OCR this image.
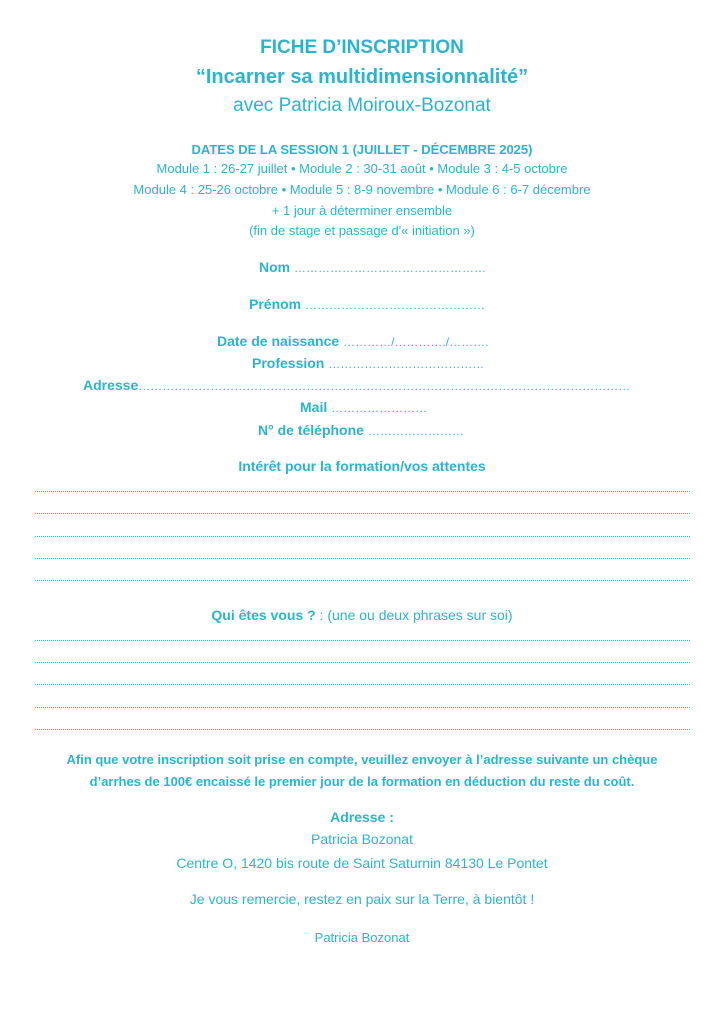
FICHE D’INSCRIPTION
“Incarner sa multidimensionnalité”
avec Patricia Moiroux-Bozonat
DATES DE LA SESSION 1 (JUILLET - DÉCEMBRE 2025)
Module 1 : 26-27 juillet • Module 2 : 30-31 août • Module 3 : 4-5 octobre
Module 4 : 25-26 octobre • Module 5 : 8-9 novembre • Module 6 : 6-7 décembre
+ 1 jour à déterminer ensemble
(fin de stage et passage d'« initiation »)
Nom …………………………………………
Prénom ………………………………………
Date de naissance …………/…………./……….
Profession …………………………………
Adresse……………………………………………………………………………………………………………
Mail ……………………
N° de téléphone ……………………
Intérêt pour la formation/vos attentes
Qui êtes vous ? : (une ou deux phrases sur soi)
Afin que votre inscription soit prise en compte, veuillez envoyer à l’adresse suivante un chèque
d’arrhes de 100€ encaissé le premier jour de la formation en déduction du reste du coût.
Adresse :
Patricia Bozonat
Centre O, 1420 bis route de Saint Saturnin 84130 Le Pontet
Je vous remercie, restez en paix sur la Terre, à bientôt !
Patricia Bozonat
